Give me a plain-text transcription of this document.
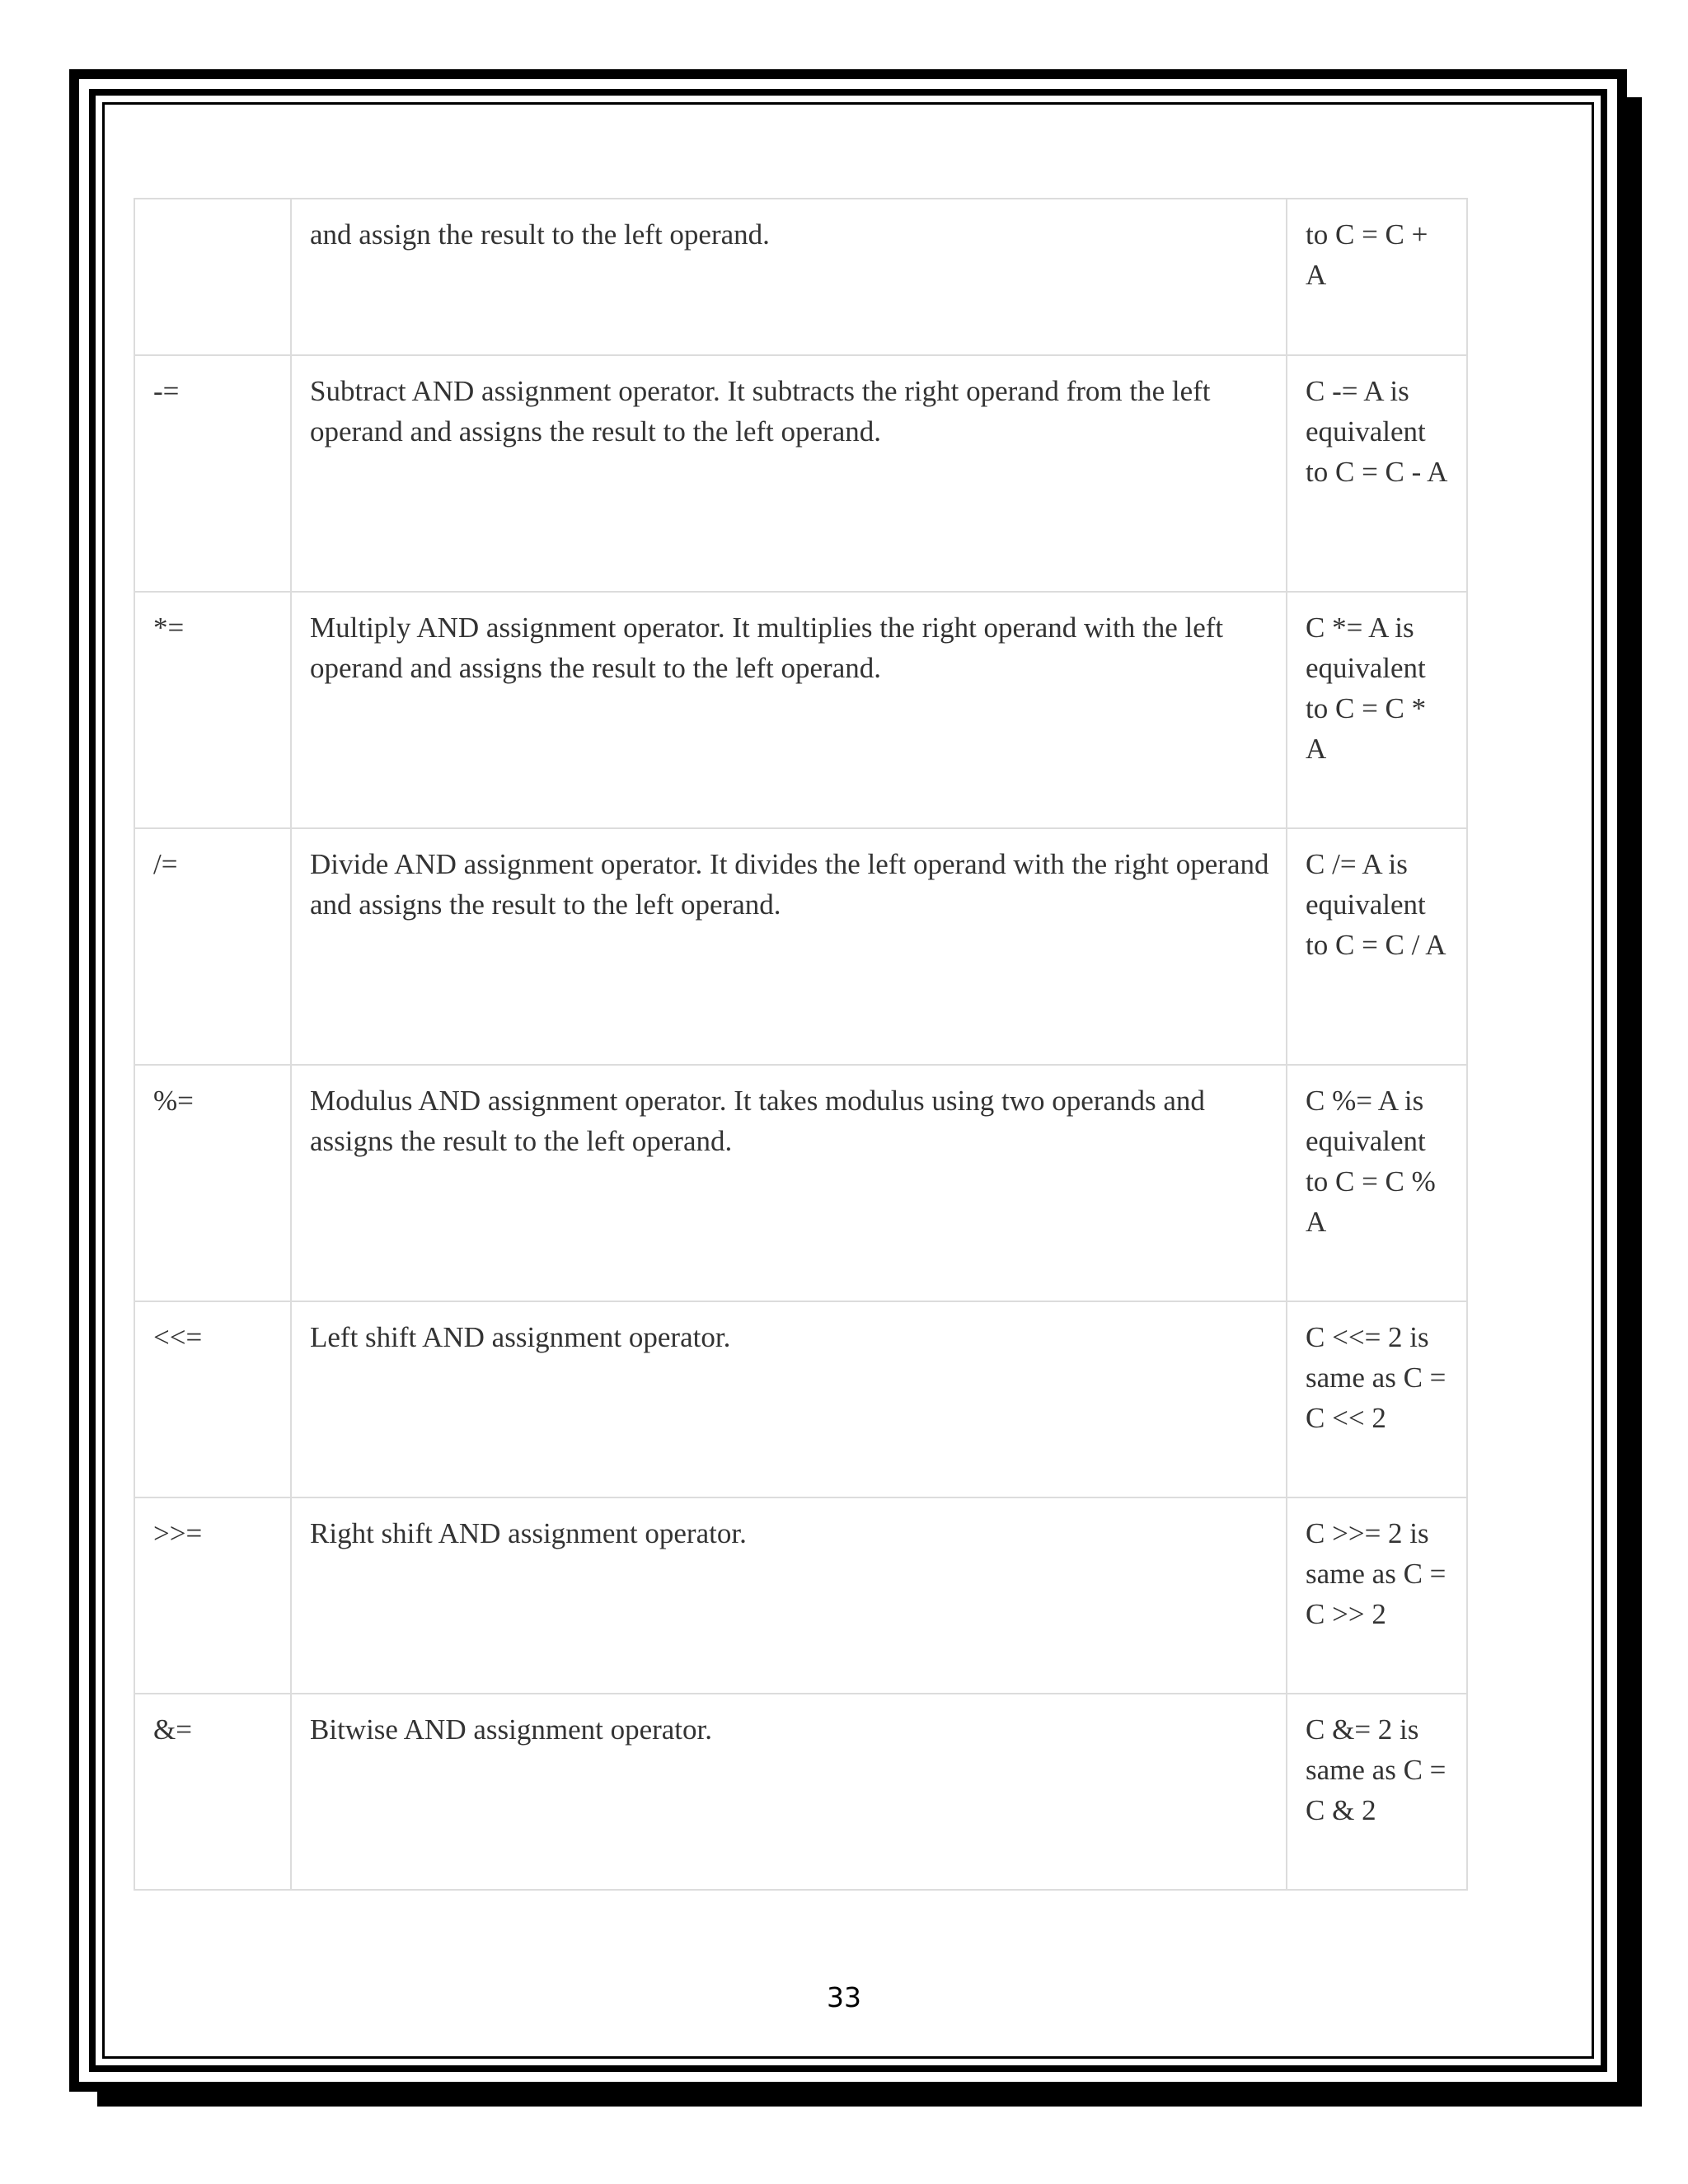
	and assign the result to the left operand.	to C = C + A
-=	Subtract AND assignment operator. It subtracts the right operand from the left operand and assigns the result to the left operand.	C -= A is equivalent to C = C - A
*=	Multiply AND assignment operator. It multiplies the right operand with the left operand and assigns the result to the left operand.	C *= A is equivalent to C = C * A
/=	Divide AND assignment operator. It divides the left operand with the right operand and assigns the result to the left operand.	C /= A is equivalent to C = C / A
%=	Modulus AND assignment operator. It takes modulus using two operands and assigns the result to the left operand.	C %= A is equivalent to C = C % A
<<=	Left shift AND assignment operator.	C <<= 2 is same as C = C << 2
>>=	Right shift AND assignment operator.	C >>= 2 is same as C = C >> 2
&=	Bitwise AND assignment operator.	C &= 2 is same as C = C & 2
33
